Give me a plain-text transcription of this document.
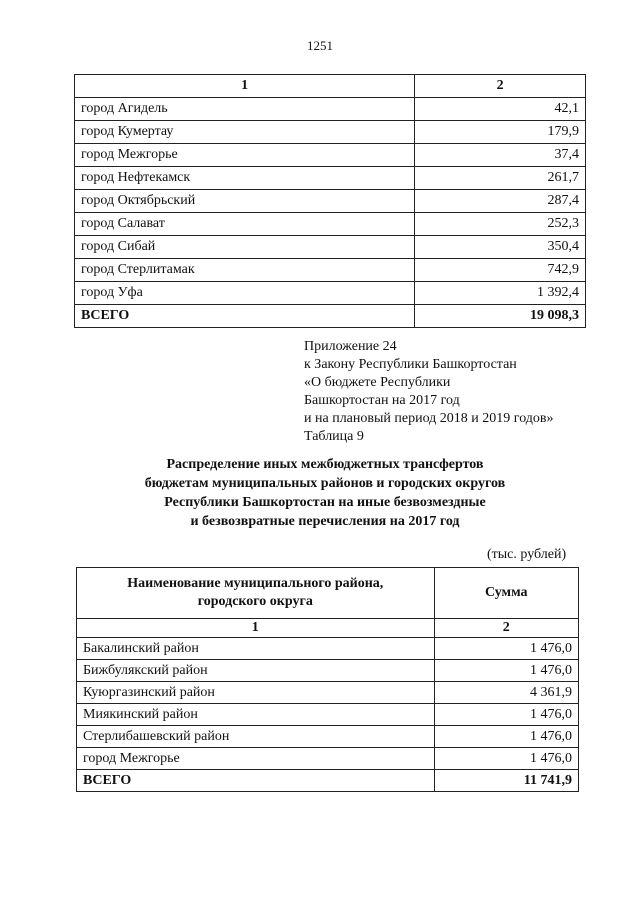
1251
1	2
город Агидель	42,1
город Кумертау	179,9
город Межгорье	37,4
город Нефтекамск	261,7
город Октябрьский	287,4
город Салават	252,3
город Сибай	350,4
город Стерлитамак	742,9
город Уфа	1 392,4
ВСЕГО	19 098,3
Приложение 24
к Закону Республики Башкортостан
«О бюджете Республики
Башкортостан на 2017 год
и на плановый период 2018 и 2019 годов»
Таблица 9
Распределение иных межбюджетных трансфертов
бюджетам муниципальных районов и городских округов
Республики Башкортостан на иные безвозмездные
и безвозвратные перечисления на 2017 год
(тыс. рублей)
Наименование муниципального района,
городского округа	Сумма
1	2
Бакалинский район	1 476,0
Бижбулякский район	1 476,0
Куюргазинский район	4 361,9
Миякинский район	1 476,0
Стерлибашевский район	1 476,0
город Межгорье	1 476,0
ВСЕГО	11 741,9
